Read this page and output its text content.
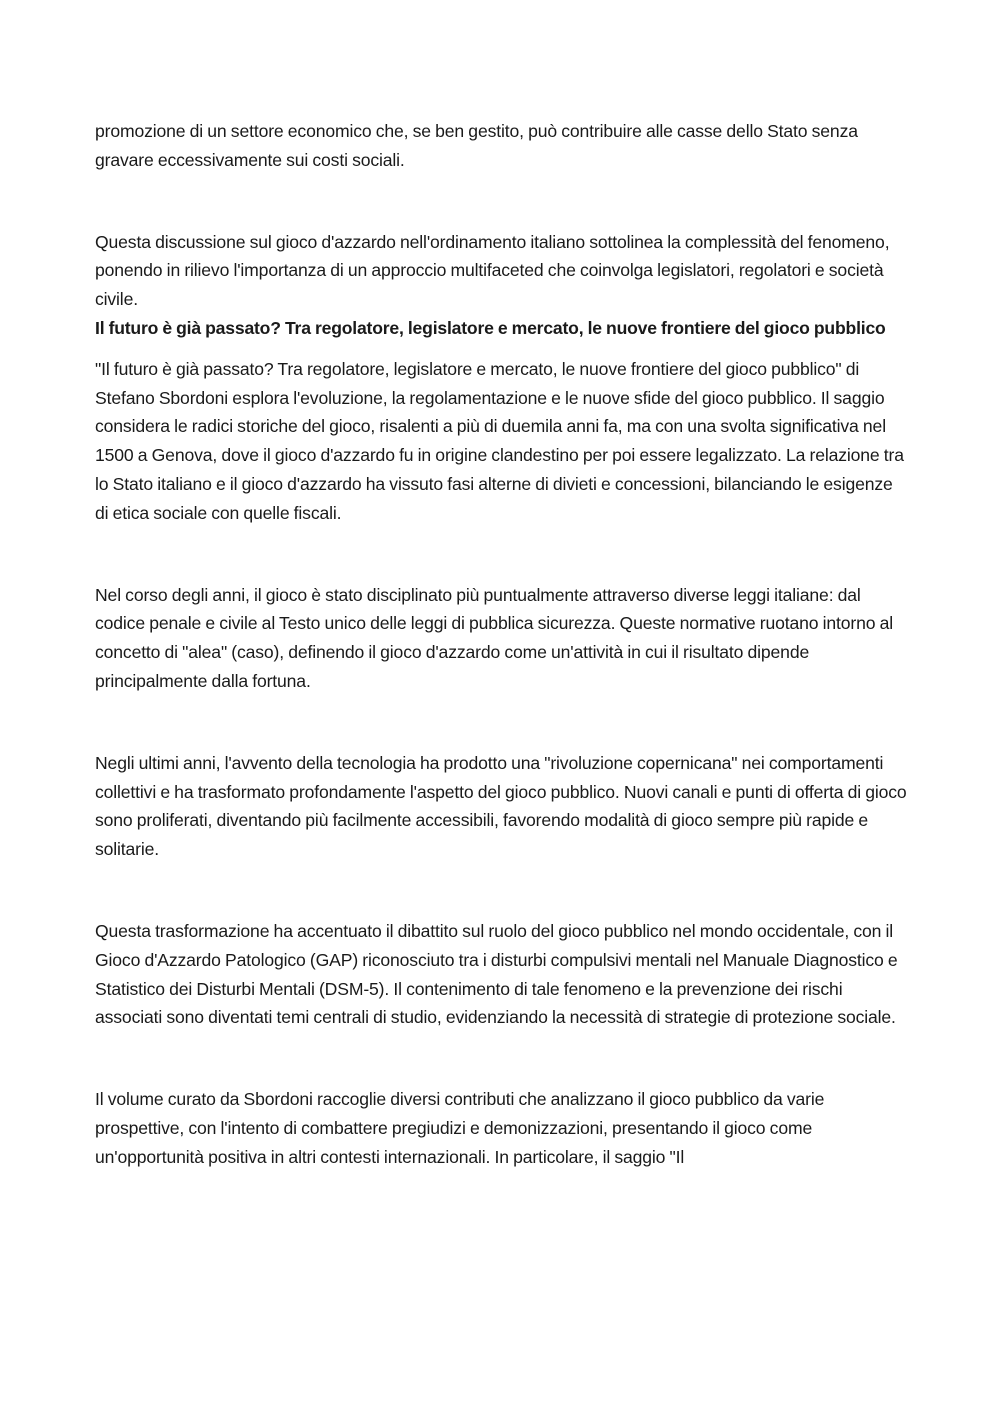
promozione di un settore economico che, se ben gestito, può contribuire alle casse dello Stato senza gravare eccessivamente sui costi sociali.

Questa discussione sul gioco d'azzardo nell'ordinamento italiano sottolinea la complessità del fenomeno, ponendo in rilievo l'importanza di un approccio multifaceted che coinvolga legislatori, regolatori e società civile.

Il futuro è già passato? Tra regolatore, legislatore e mercato, le nuove frontiere del gioco pubblico

"Il futuro è già passato? Tra regolatore, legislatore e mercato, le nuove frontiere del gioco pubblico" di Stefano Sbordoni esplora l'evoluzione, la regolamentazione e le nuove sfide del gioco pubblico. Il saggio considera le radici storiche del gioco, risalenti a più di duemila anni fa, ma con una svolta significativa nel 1500 a Genova, dove il gioco d'azzardo fu in origine clandestino per poi essere legalizzato. La relazione tra lo Stato italiano e il gioco d'azzardo ha vissuto fasi alterne di divieti e concessioni, bilanciando le esigenze di etica sociale con quelle fiscali.

Nel corso degli anni, il gioco è stato disciplinato più puntualmente attraverso diverse leggi italiane: dal codice penale e civile al Testo unico delle leggi di pubblica sicurezza. Queste normative ruotano intorno al concetto di "alea" (caso), definendo il gioco d'azzardo come un'attività in cui il risultato dipende principalmente dalla fortuna.

Negli ultimi anni, l'avvento della tecnologia ha prodotto una "rivoluzione copernicana" nei comportamenti collettivi e ha trasformato profondamente l'aspetto del gioco pubblico. Nuovi canali e punti di offerta di gioco sono proliferati, diventando più facilmente accessibili, favorendo modalità di gioco sempre più rapide e solitarie.

Questa trasformazione ha accentuato il dibattito sul ruolo del gioco pubblico nel mondo occidentale, con il Gioco d'Azzardo Patologico (GAP) riconosciuto tra i disturbi compulsivi mentali nel Manuale Diagnostico e Statistico dei Disturbi Mentali (DSM-5). Il contenimento di tale fenomeno e la prevenzione dei rischi associati sono diventati temi centrali di studio, evidenziando la necessità di strategie di protezione sociale.

Il volume curato da Sbordoni raccoglie diversi contributi che analizzano il gioco pubblico da varie prospettive, con l'intento di combattere pregiudizi e demonizzazioni, presentando il gioco come un'opportunità positiva in altri contesti internazionali. In particolare, il saggio "Il
